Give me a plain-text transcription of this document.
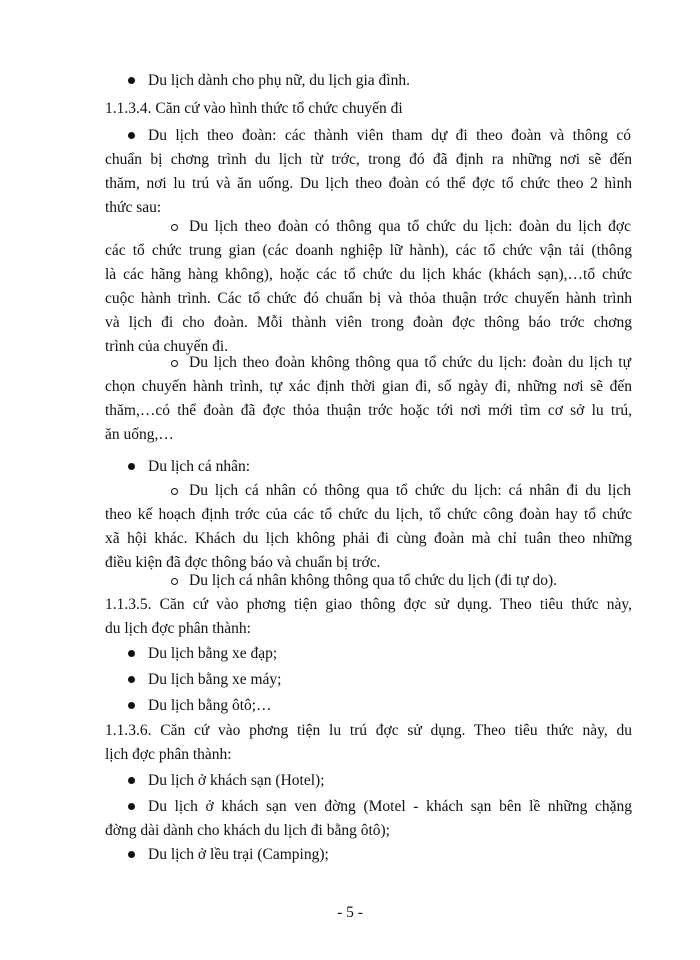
Du lịch dành cho phụ nữ, du lịch gia đình.
1.1.3.4. Căn cứ vào hình thức tổ chức chuyến đi
Du lịch theo đoàn: các thành viên tham dự đi theo đoàn và thông có
chuẩn bị chơng trình du lịch từ trớc, trong đó đã định ra những nơi sẽ đến
thăm, nơi lu trú và ăn uống. Du lịch theo đoàn có thể đợc tổ chức theo 2 hình
thức sau:
Du lịch theo đoàn có thông qua tổ chức du lịch: đoàn du lịch đợc
các tổ chức trung gian (các doanh nghiệp lữ hành), các tổ chức vận tải (thông
là các hãng hàng không), hoặc các tổ chức du lịch khác (khách sạn),…tổ chức
cuộc hành trình. Các tổ chức đó chuẩn bị và thỏa thuận trớc chuyến hành trình
và lịch đi cho đoàn. Mỗi thành viên trong đoàn đợc thông báo trớc chơng
trình của chuyến đi.
Du lịch theo đoàn không thông qua tổ chức du lịch: đoàn du lịch tự
chọn chuyến hành trình, tự xác định thời gian đi, số ngày đi, những nơi sẽ đến
thăm,…có thể đoàn đã đợc thỏa thuận trớc hoặc tới nơi mới tìm cơ sở lu trú,
ăn uống,…
Du lịch cá nhân:
Du lịch cá nhân có thông qua tổ chức du lịch: cá nhân đi du lịch
theo kế hoạch định trớc của các tổ chức du lịch, tổ chức công đoàn hay tổ chức
xã hội khác. Khách du lịch không phải đi cùng đoàn mà chỉ tuân theo những
điều kiện đã đợc thông báo và chuẩn bị trớc.
Du lịch cá nhân không thông qua tổ chức du lịch (đi tự do).
1.1.3.5. Căn cứ vào phơng tiện giao thông đợc sử dụng. Theo tiêu thức này,
du lịch đợc phân thành:
Du lịch bằng xe đạp;
Du lịch bằng xe máy;
Du lịch bằng ôtô;…
1.1.3.6. Căn cứ vào phơng tiện lu trú đợc sử dụng. Theo tiêu thức này, du
lịch đợc phân thành:
Du lịch ở khách sạn (Hotel);
Du lịch ở khách sạn ven đờng (Motel - khách sạn bên lề những chặng
đờng dài dành cho khách du lịch đi bằng ôtô);
Du lịch ở lều trại (Camping);
- 5 -
